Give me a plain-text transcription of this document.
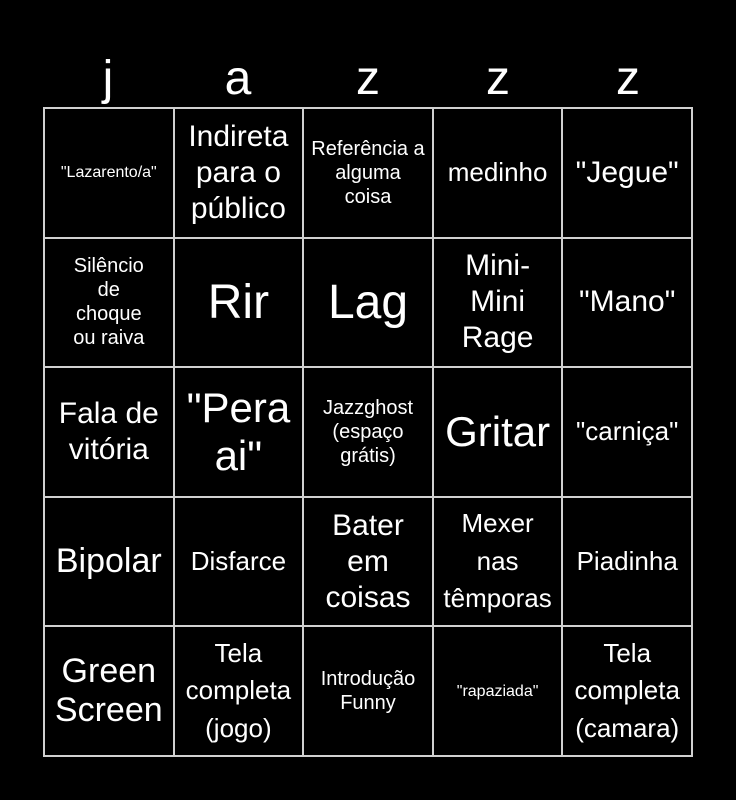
j	a	z	z	z
"Lazarento/a"
Indireta para o público
Referência a alguma coisa
medinho "Jegue"
Silêncio de choque ou raiva
Rir Lag
Mini-Mini Rage
"Mano"
Fala de vitória
"Pera ai"
Jazzghost (espaço grátis)
Gritar "carniça"
Bipolar Disfarce
Bater em coisas
Mexer nas têmporas
Piadinha
Green Screen
Tela completa (jogo)
Introdução Funny
"rapaziada"
Tela completa (camara)
